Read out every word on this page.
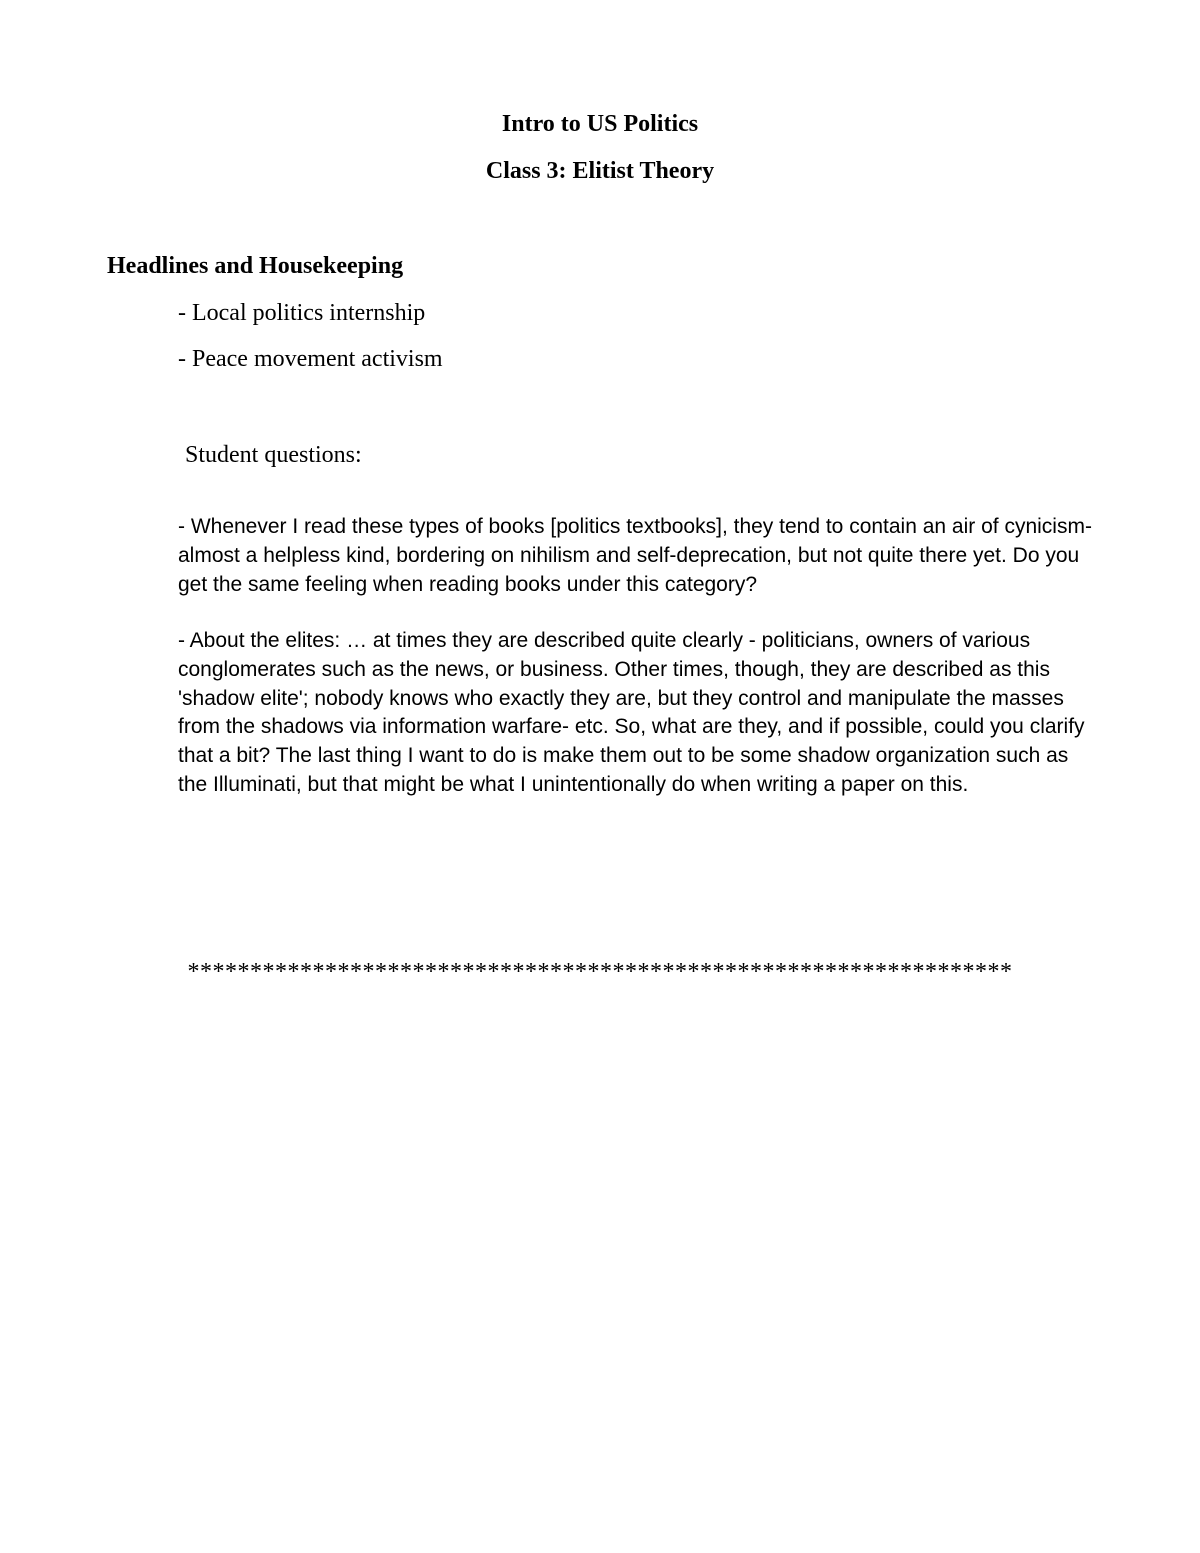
Intro to US Politics
Class 3: Elitist Theory
Headlines and Housekeeping
- Local politics internship
- Peace movement activism

Student questions:

- Whenever I read these types of books [politics textbooks], they tend to contain an air of cynicism- almost a helpless kind, bordering on nihilism and self-deprecation, but not quite there yet. Do you get the same feeling when reading books under this category?

- About the elites: … at times they are described quite clearly - politicians, owners of various conglomerates such as the news, or business. Other times, though, they are described as this 'shadow elite'; nobody knows who exactly they are, but they control and manipulate the masses from the shadows via information warfare- etc. So, what are they, and if possible, could you clarify that a bit? The last thing I want to do is make them out to be some shadow organization such as the Illuminati, but that might be what I unintentionally do when writing a paper on this.

******************************************************************
